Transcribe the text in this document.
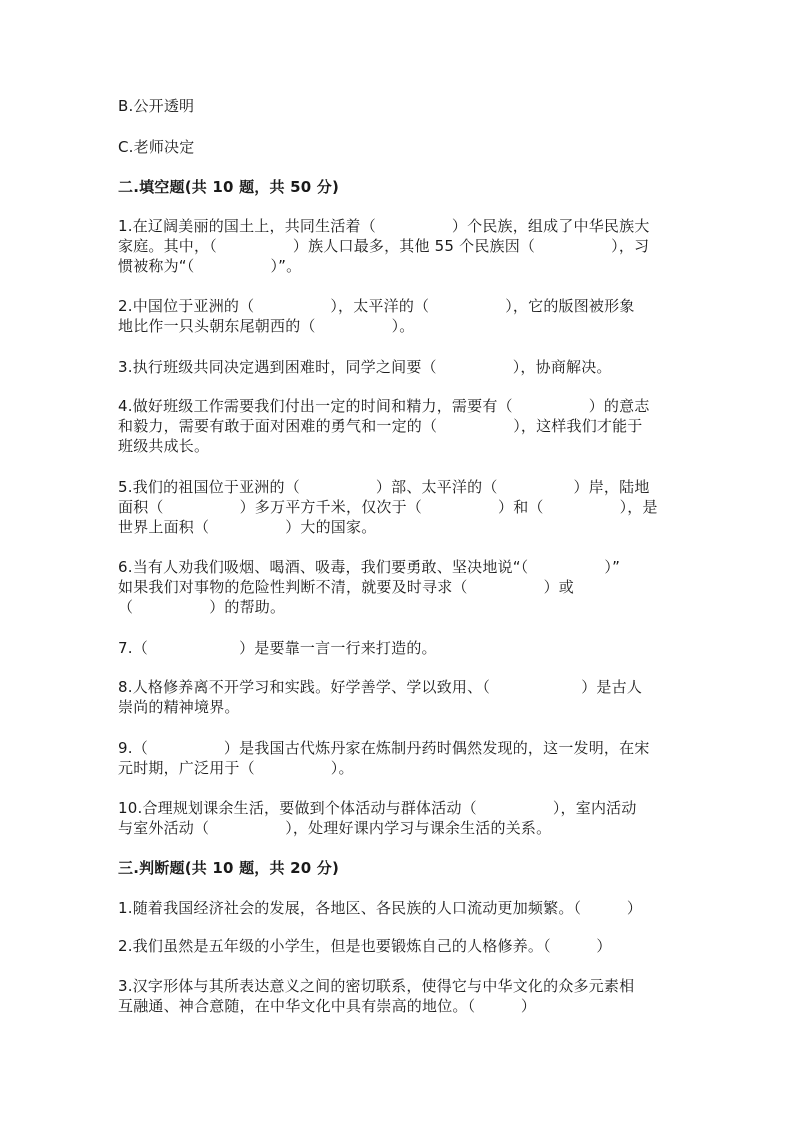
B.公开透明
C.老师决定
二.填空题(共 10 题，共 50 分)
1.在辽阔美丽的国土上，共同生活着（　　　　　）个民族，组成了中华民族大
家庭。其中，（　　　　　）族人口最多，其他 55 个民族因（　　　　　），习
惯被称为“（　　　　　）”。
2.中国位于亚洲的（　　　　　），太平洋的（　　　　　），它的版图被形象
地比作一只头朝东尾朝西的（　　　　　）。
3.执行班级共同决定遇到困难时，同学之间要（　　　　　），协商解决。
4.做好班级工作需要我们付出一定的时间和精力，需要有（　　　　　）的意志
和毅力，需要有敢于面对困难的勇气和一定的（　　　　　），这样我们才能于
班级共成长。
5.我们的祖国位于亚洲的（　　　　　）部、太平洋的（　　　　　）岸，陆地
面积（　　　　　）多万平方千米，仅次于（　　　　　）和（　　　　　），是
世界上面积（　　　　　）大的国家。
6.当有人劝我们吸烟、喝酒、吸毒，我们要勇敢、坚决地说“（　　　　　）”
如果我们对事物的危险性判断不清，就要及时寻求（　　　　　）或
（　　　　　）的帮助。
7.（　　　　　　）是要靠一言一行来打造的。
8.人格修养离不开学习和实践。好学善学、学以致用、（　　　　　　）是古人
崇尚的精神境界。
9.（　　　　　）是我国古代炼丹家在炼制丹药时偶然发现的，这一发明，在宋
元时期，广泛用于（　　　　　）。
10.合理规划课余生活，要做到个体活动与群体活动（　　　　　），室内活动
与室外活动（　　　　　），处理好课内学习与课余生活的关系。
三.判断题(共 10 题，共 20 分)
1.随着我国经济社会的发展，各地区、各民族的人口流动更加频繁。（　　　）
2.我们虽然是五年级的小学生，但是也要锻炼自己的人格修养。（　　　）
3.汉字形体与其所表达意义之间的密切联系，使得它与中华文化的众多元素相
互融通、神合意随，在中华文化中具有崇高的地位。（　　　）
